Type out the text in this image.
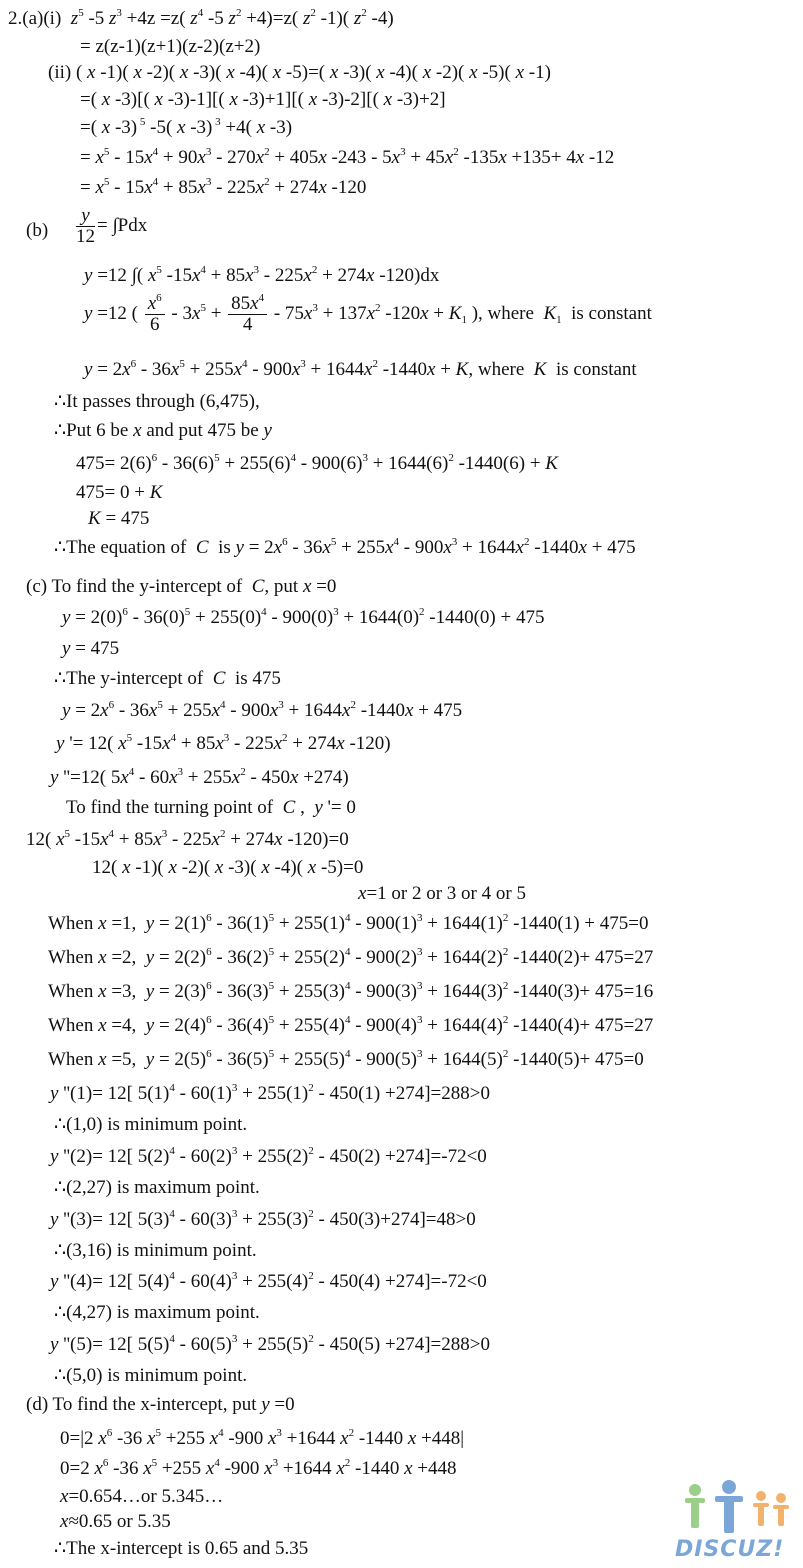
2.(a)(i) $z^5$ -5 $z^3 +4z =z$( $z^4$ -5 $z^2 +4)=z$( $z^2$ -1)( $z^2$ -4)
= z(z-1)(z+1)(z-2)(z+2)
(ii) ( x -1)( x -2)( x -3)( x -4)( x -5)=( x -3)( x -4)( x -2)( x -5)( x -1)
=( x -3)[( x -3)-1][( x -3)+1][( x -3)-2][( x -3)+2]
=( x -3) $^5$ -5( x -3) $^3$ +4( x -3)
= $x^5 - 15x^4 + 90x^3 - 270x^2 + 405x$ $-243 - 5x^3 + 45x^2$ -135x +135+ 4x -12
= $x^5 - 15x^4 + 85x^3 - 225x^2 + 274x$ -120
$(b) \frac{y}{12} = \int Pdx$
y =12 ∫( $x^5$ $-15x^4 + 85x^3 - 225x^2 + 274x$ -120)dx
y =12 ( $\frac{x^6}{6} - 3x^5 + \frac{85x^4}{4} - 75x^3 + 137x^2$ $-120x + K_1$ ), where $K_1$ is constant
$y = 2x^6 - 36x^5 + 255x^4 - 900x^3 + 1644x^2$ -1440x + K, where K is constant
∴It passes through (6,475),
∴Put 6 be x and put 475 be y
$475= 2(6)^6 - 36(6)^5 + 255(6)^4 - 900(6)^3 + 1644(6)^2$ -1440(6) + K
475= 0 + K
K = 475
∴The equation of C is $y = 2x^6 - 36x^5 + 255x^4 - 900x^3 + 1644x^2$ -1440x + 475
(c) To find the y-intercept of C, put x =0
$y = 2(0)^6 - 36(0)^5 + 255(0)^4 - 900(0)^3 + 1644(0)^2$ -1440(0) + 475
y = 475
∴The y-intercept of C is 475
$y = 2x^6 - 36x^5 + 255x^4 - 900x^3 + 1644x^2$ -1440x + 475
y '= 12( $x^5$ $-15x^4 + 85x^3 - 225x^2 + 274x$ -120)
y ''=12( $5x^4 - 60x^3 + 255x^2 - 450x +274$)
To find the turning point of C ,  y '= 0
12( $x^5$ $-15x^4 + 85x^3 - 225x^2 + 274x$ -120)=0
12( x -1)( x -2)( x -3)( x -4)( x -5)=0
x=1 or 2 or 3 or 4 or 5
When x =1,  $y = 2(1)^6 - 36(1)^5 + 255(1)^4 - 900(1)^3 + 1644(1)^2$ -1440(1) + 475=0
When x =2,  $y = 2(2)^6 - 36(2)^5 + 255(2)^4 - 900(2)^3 + 1644(2)^2$ -1440(2)+ 475=27
When x =3,  $y = 2(3)^6 - 36(3)^5 + 255(3)^4 - 900(3)^3 + 1644(3)^2$ -1440(3)+ 475=16
When x =4,  $y = 2(4)^6 - 36(4)^5 + 255(4)^4 - 900(4)^3 + 1644(4)^2$ -1440(4)+ 475=27
When x =5,  $y = 2(5)^6 - 36(5)^5 + 255(5)^4 - 900(5)^3 + 1644(5)^2$ -1440(5)+ 475=0
y ''(1)= 12[ $5(1)^4 - 60(1)^3 + 255(1)^2 - 450(1) +274]=288>0$
∴(1,0) is minimum point.
y ''(2)= 12[ $5(2)^4 - 60(2)^3 + 255(2)^2 - 450(2) +274]=-72<0$
∴(2,27) is maximum point.
y ''(3)= 12[ $5(3)^4 - 60(3)^3 + 255(3)^2 - 450(3)+274]=48>0$
∴(3,16) is minimum point.
y ''(4)= 12[ $5(4)^4 - 60(4)^3 + 255(4)^2 - 450(4) +274]=-72<0$
∴(4,27) is maximum point.
y ''(5)= 12[ $5(5)^4 - 60(5)^3 + 255(5)^2 - 450(5) +274]=288>0$
∴(5,0) is minimum point.
(d) To find the x-intercept, put y =0
0=|2 $x^6$ -36 $x^5 +255$ $x^4$ -900 $x^3 +1644$ $x^2$ -1440 x +448|
0=2 $x^6$ -36 $x^5 +255$ $x^4$ -900 $x^3 +1644$ $x^2$ -1440 x +448
x=0.654…or 5.345…
x≈0.65 or 5.35
∴The x-intercept is 0.65 and 5.35	DISCUZ!
